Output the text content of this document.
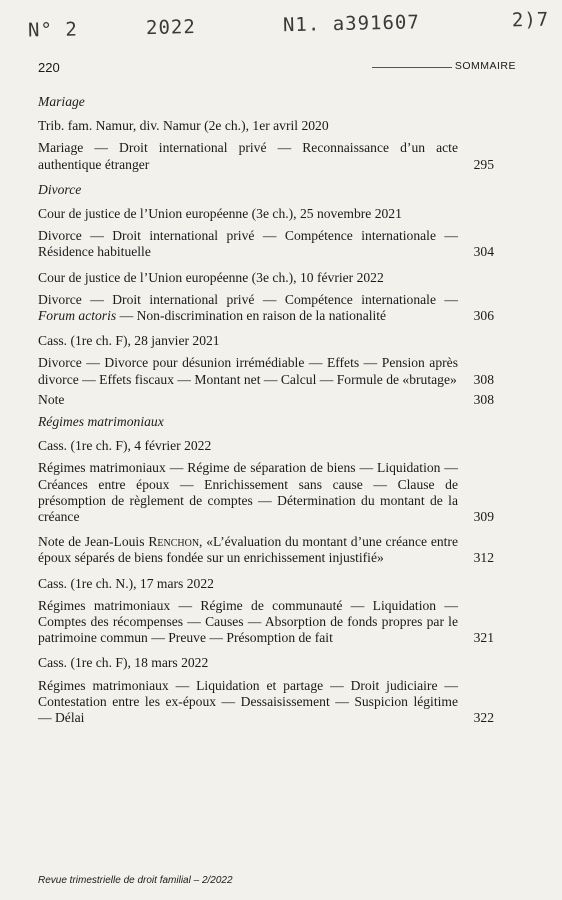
N° 2	2022	N1. a391607	2)7
220	SOMMAIRE
Mariage
Trib. fam. Namur, div. Namur (2e ch.), 1er avril 2020
Mariage — Droit international privé — Reconnaissance d’un acte authentique étranger	295
Divorce
Cour de justice de l’Union européenne (3e ch.), 25 novembre 2021
Divorce — Droit international privé — Compétence internationale — Résidence habituelle	304
Cour de justice de l’Union européenne (3e ch.), 10 février 2022
Divorce — Droit international privé — Compétence internationale — Forum actoris — Non-discrimination en raison de la nationalité	306
Cass. (1re ch. F), 28 janvier 2021
Divorce — Divorce pour désunion irrémédiable — Effets — Pension après divorce — Effets fiscaux — Montant net — Calcul — Formule de «brutage» 308
Note	308
Régimes matrimoniaux
Cass. (1re ch. F), 4 février 2022
Régimes matrimoniaux — Régime de séparation de biens — Liquidation — Créances entre époux — Enrichissement sans cause — Clause de présomption de règlement de comptes — Détermination du montant de la créance	309
Note de Jean-Louis Renchon, «L’évaluation du montant d’une créance entre époux séparés de biens fondée sur un enrichissement injustifié»	312
Cass. (1re ch. N.), 17 mars 2022
Régimes matrimoniaux — Régime de communauté — Liquidation — Comptes des récompenses — Causes — Absorption de fonds propres par le patrimoine commun — Preuve — Présomption de fait	321
Cass. (1re ch. F), 18 mars 2022
Régimes matrimoniaux — Liquidation et partage — Droit judiciaire — Contestation entre les ex-époux — Dessaisissement — Suspicion légitime — Délai	322
Revue trimestrielle de droit familial – 2/2022
